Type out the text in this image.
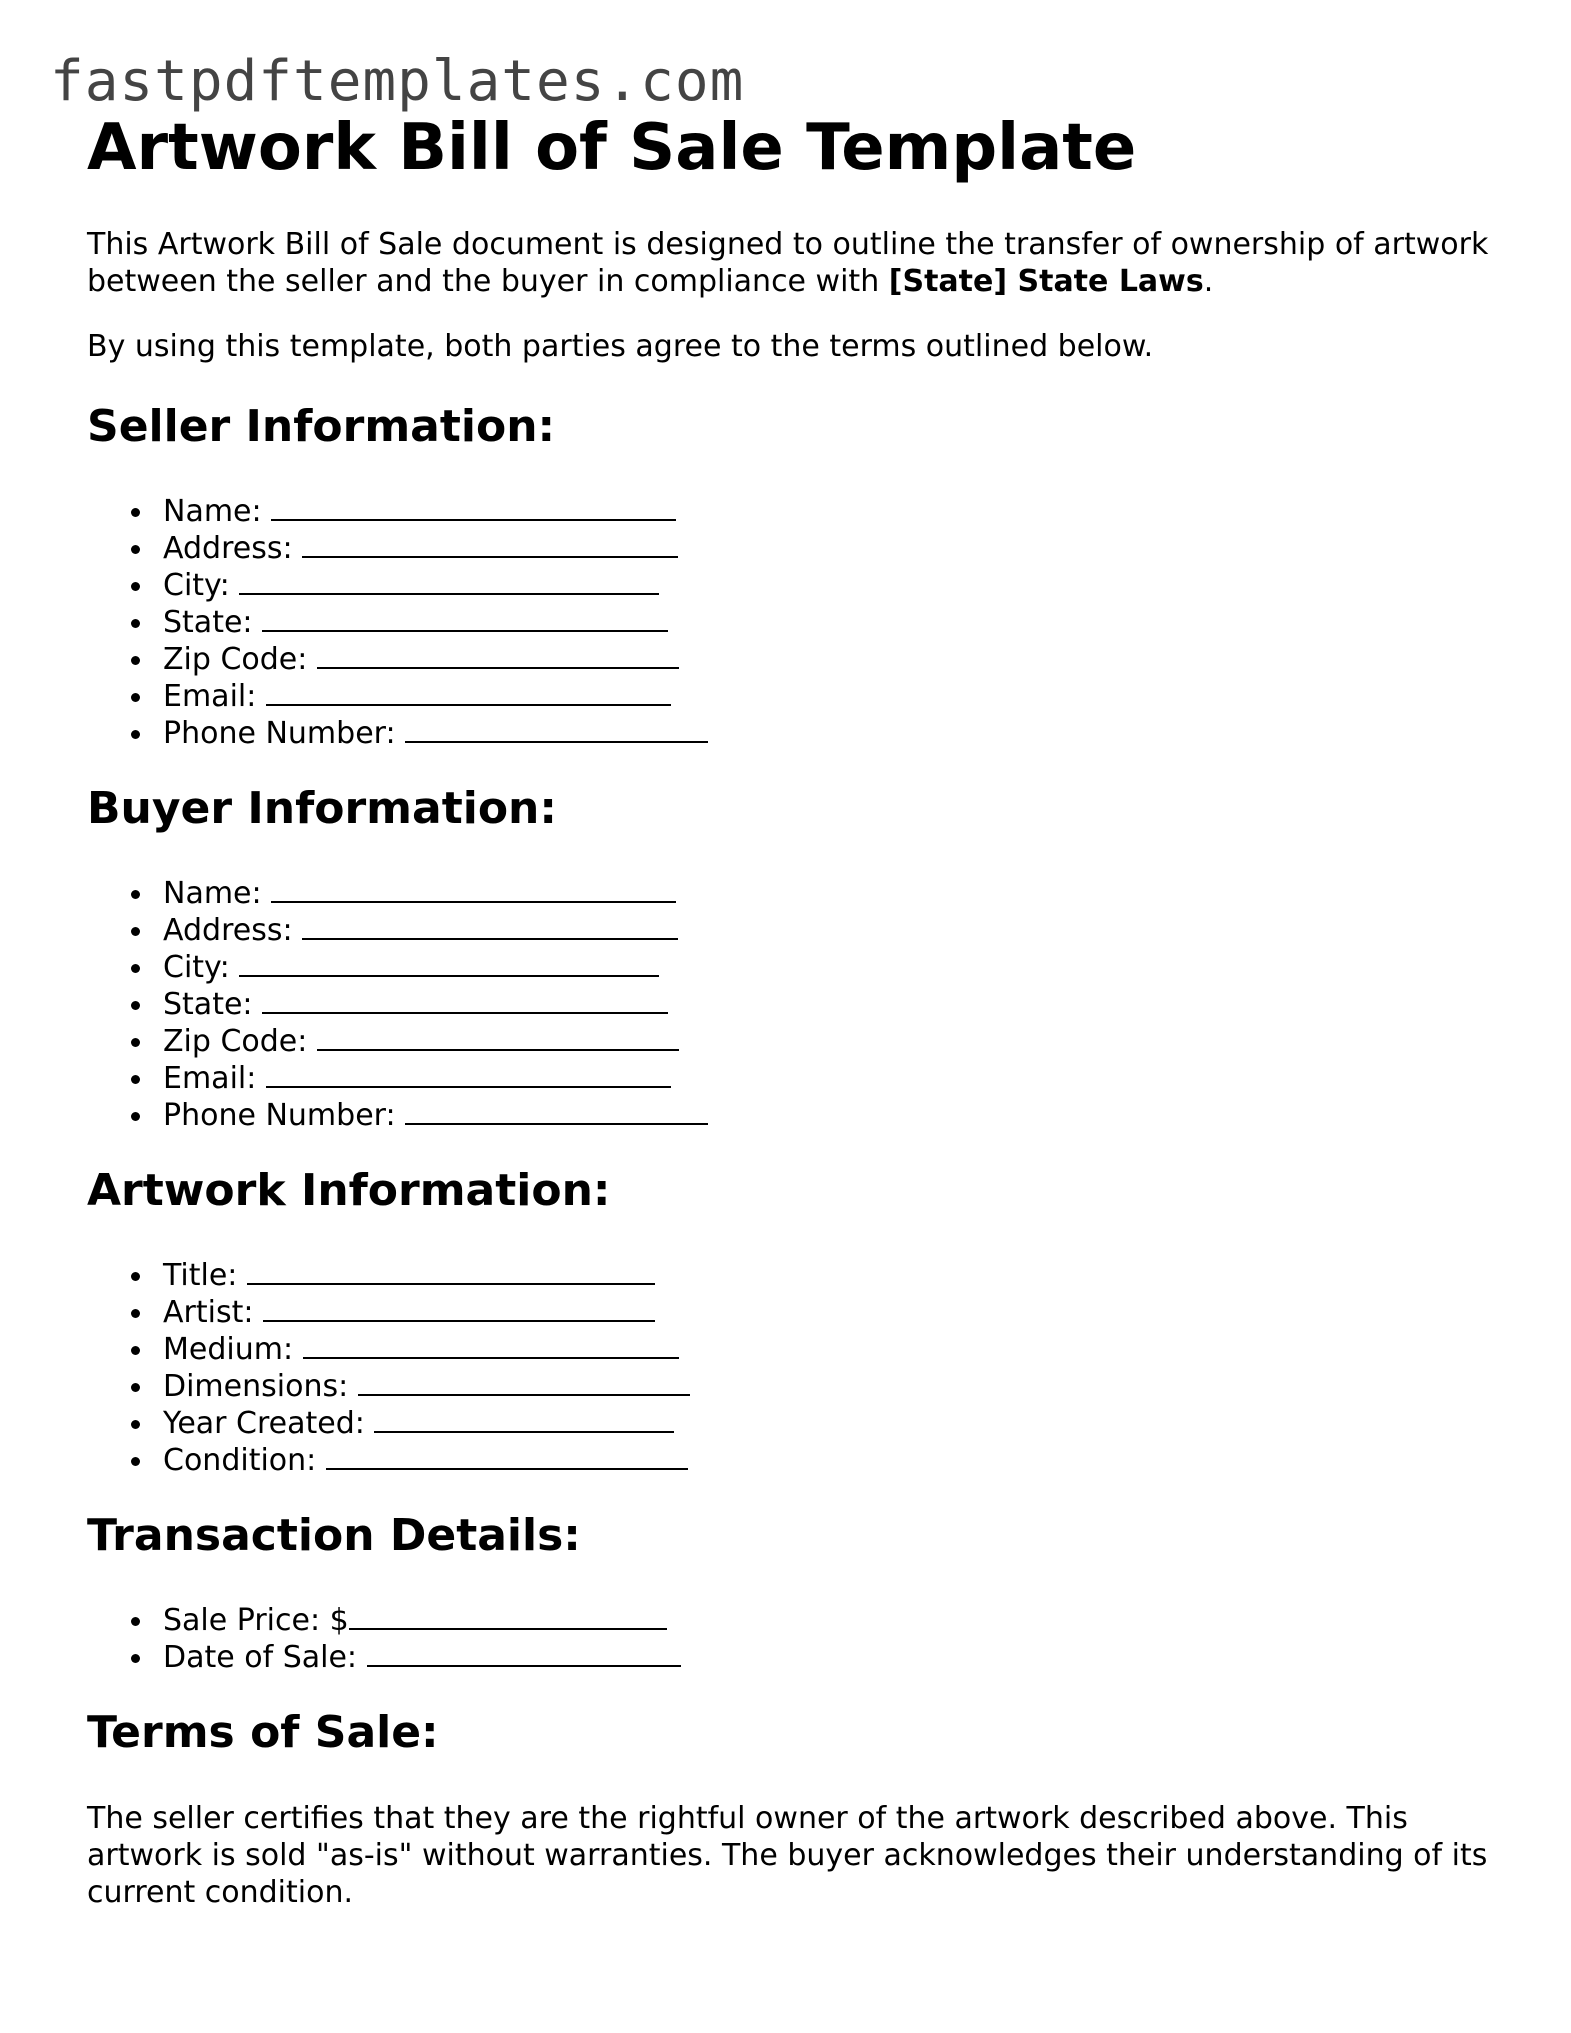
fastpdftemplates.com
Artwork Bill of Sale Template

This Artwork Bill of Sale document is designed to outline the transfer of ownership of artwork between the seller and the buyer in compliance with [State] State Laws.

By using this template, both parties agree to the terms outlined below.

Seller Information:
Name:
Address:
City:
State:
Zip Code:
Email:
Phone Number:
Buyer Information:
Name:
Address:
City:
State:
Zip Code:
Email:
Phone Number:
Artwork Information:
Title:
Artist:
Medium:
Dimensions:
Year Created:
Condition:
Transaction Details:
Sale Price: $
Date of Sale:
Terms of Sale:

The seller certifies that they are the rightful owner of the artwork described above. This artwork is sold "as-is" without warranties. The buyer acknowledges their understanding of its current condition.
